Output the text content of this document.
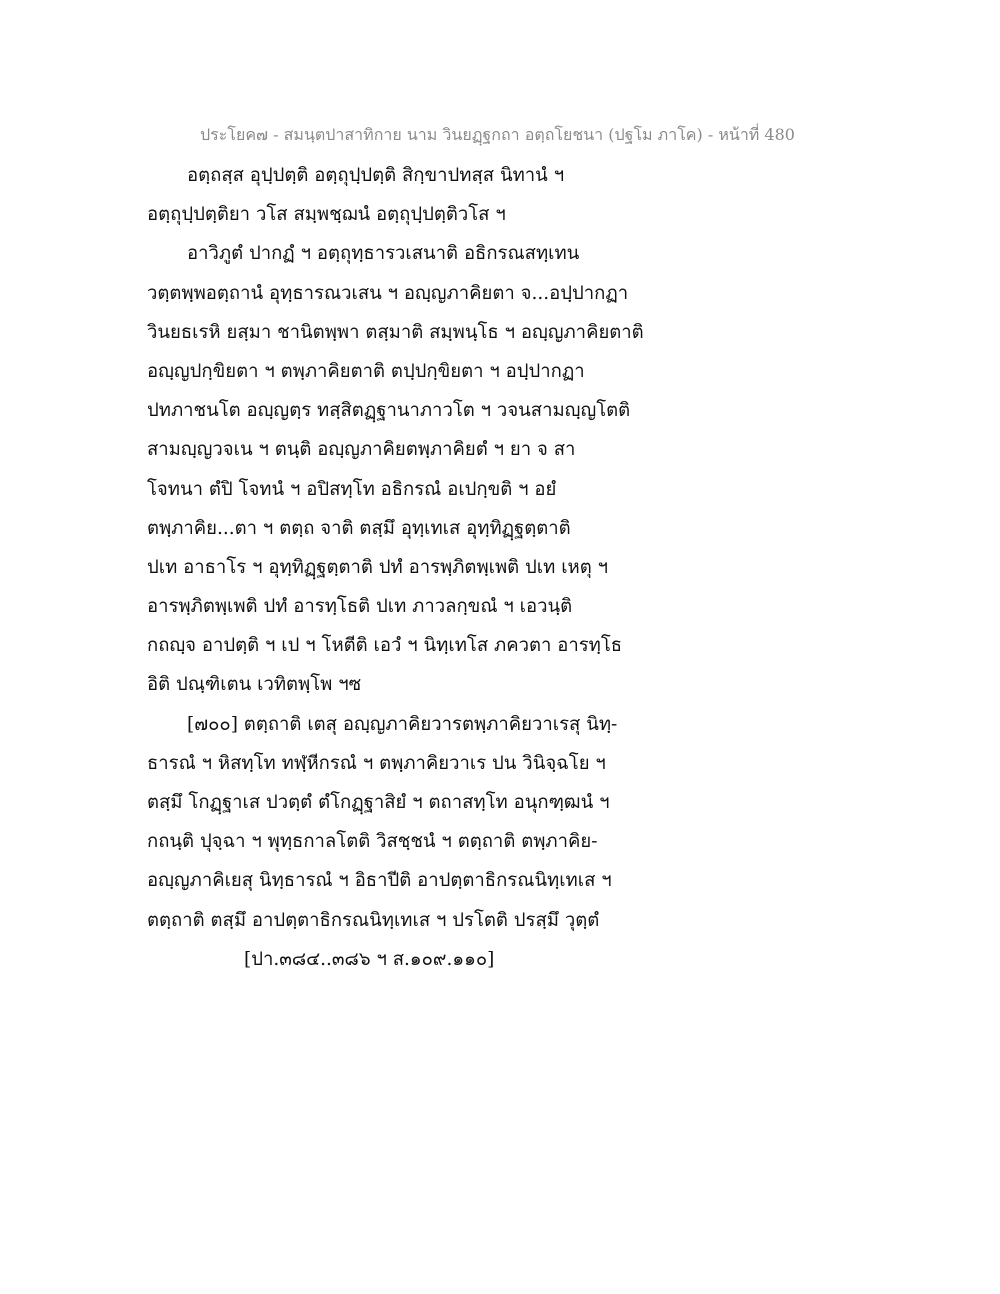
ประโยค๗ - สมนฺตปาสาทิกาย นาม วินยฏฺฐกถา อตฺถโยชนา (ปฐโม ภาโค) - หน้าที่ 480
อตฺถสฺส อุปฺปตฺติ อตฺถุปฺปตฺติ สิกฺขาปทสฺส นิทานํ ฯ
อตฺถุปฺปตฺติยา วโส สมฺพชฺฌนํ อตฺถุปฺปตฺติวโส ฯ
อาวิภูตํ ปากฏํ ฯ อตฺถุทฺธารวเสนาติ อธิกรณสทฺเทน
วตฺตพฺพอตฺถานํ อุทฺธารณวเสน ฯ อญฺญภาคิยตา จ...อปฺปากฏา
วินยธเรหิ ยสฺมา ชานิตพฺพา ตสฺมาติ สมฺพนฺโธ ฯ อญฺญภาคิยตาติ
อญฺญปกฺขิยตา ฯ ตพฺภาคิยตาติ ตปฺปกฺขิยตา ฯ อปฺปากฏา
ปทภาชนโต อญฺญตฺร ทสฺสิตฏฺฐานาภาวโต ฯ วจนสามญฺญโตติ
สามญฺญวจเน ฯ ตนฺติ อญฺญภาคิยตพฺภาคิยตํ ฯ ยา จ สา
โจทนา ตํปิ โจทนํ ฯ อปิสทฺโท อธิกรณํ อเปกฺขติ ฯ อยํ
ตพฺภาคิย...ตา ฯ ตตฺถ จาติ ตสฺมึ อุทฺเทเส อุทฺทิฏฺฐตฺตาติ
ปเท อาธาโร ฯ อุทฺทิฏฺฐตฺตาติ ปทํ อารพฺภิตพฺเพติ ปเท เหตุ ฯ
อารพฺภิตพฺเพติ ปทํ อารทฺโธติ ปเท ภาวลกฺขณํ ฯ เอวนฺติ
กถญฺจ อาปตฺติ ฯ เป ฯ โหตีติ เอวํ ฯ นิทฺเทโส ภควตา อารทฺโธ
อิติ ปณฺฑิเตน เวทิตพฺโพ ฯซ
[๗๐๐] ตตฺถาติ เตสุ อญฺญภาคิยวารตพฺภาคิยวาเรสุ นิทฺ-
ธารณํ ฯ หิสทฺโท ทฬฺหีกรณํ ฯ ตพฺภาคิยวาเร ปน วินิจฺฉโย ฯ
ตสฺมึ โกฏฺฐาเส ปวตฺตํ ตํโกฏฺฐาสิยํ ฯ ตถาสทฺโท อนุกฑฺฒนํ ฯ
กถนฺติ ปุจฺฉา ฯ พุทฺธกาลโตติ วิสชฺชนํ ฯ ตตฺถาติ ตพฺภาคิย-
อญฺญภาคิเยสุ นิทฺธารณํ ฯ อิธาปีติ อาปตฺตาธิกรณนิทฺเทเส ฯ
ตตฺถาติ ตสฺมึ อาปตฺตาธิกรณนิทฺเทเส ฯ ปรโตติ ปรสฺมึ วุตฺตํ
[ปา.๓๘๔..๓๘๖ ฯ ส.๑๐๙.๑๑๐]
